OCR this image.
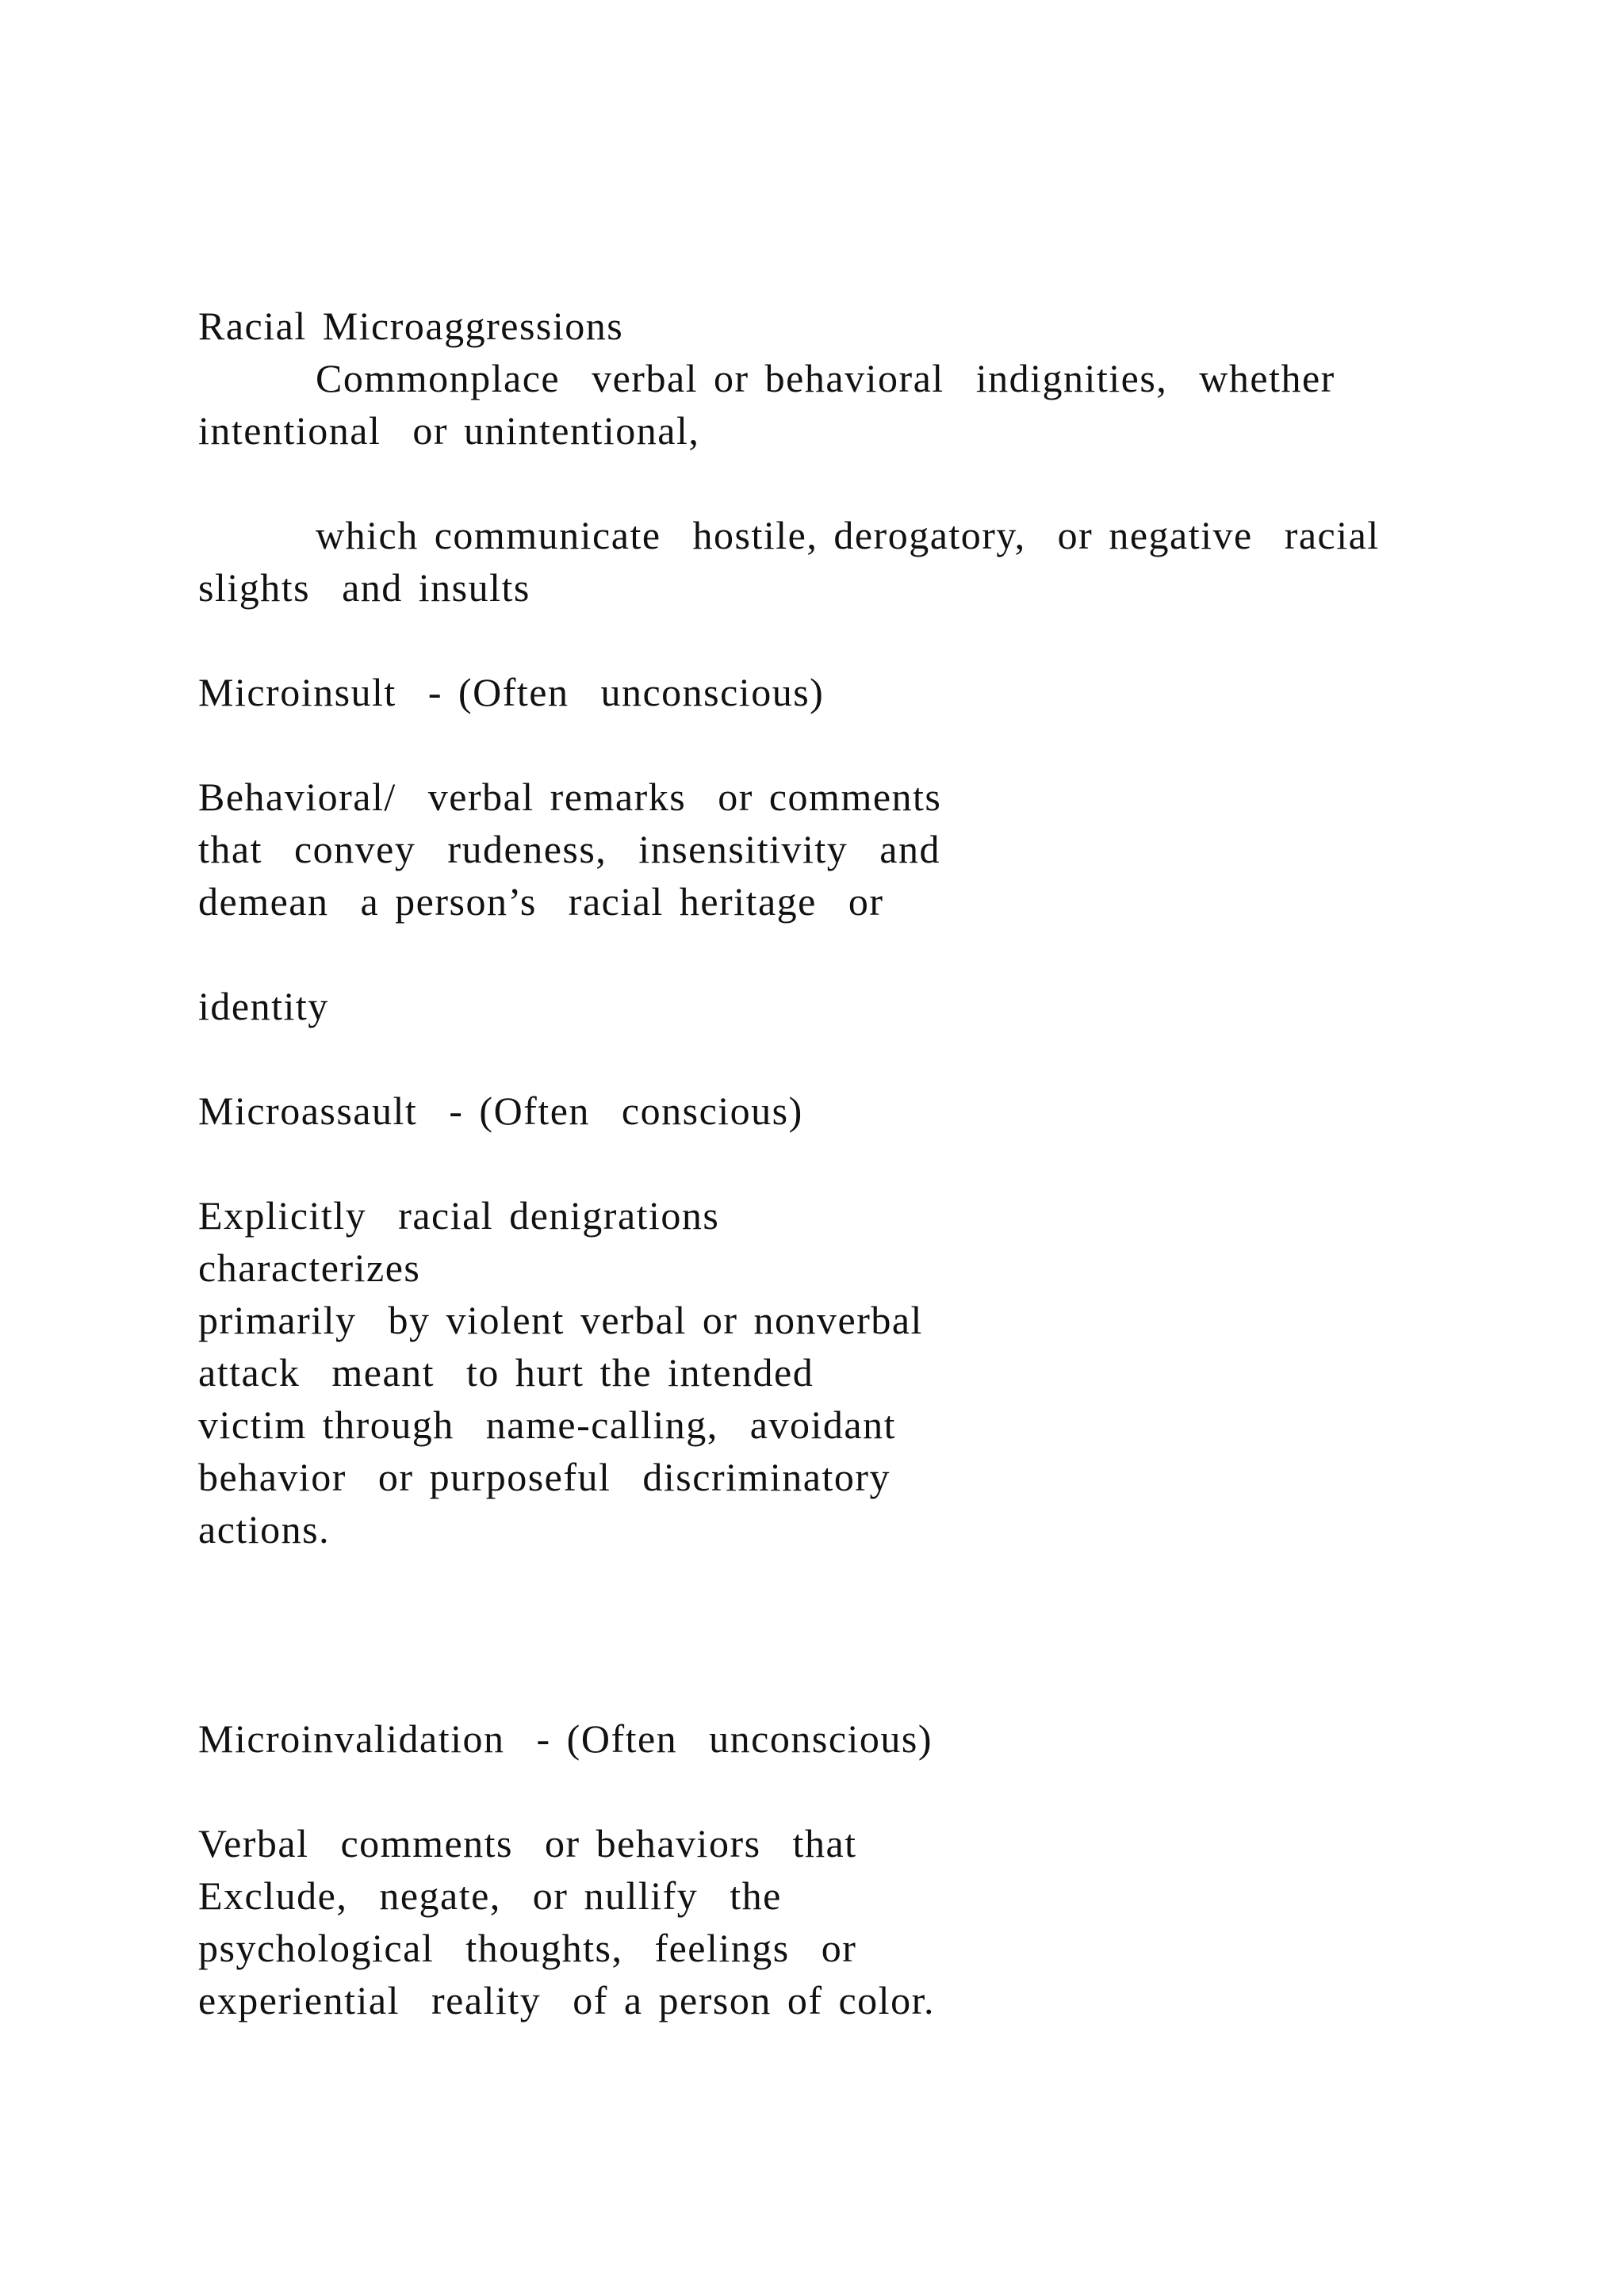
Racial Microaggressions
Commonplace  verbal or behavioral  indignities,  whether
intentional  or unintentional,
which communicate  hostile, derogatory,  or negative  racial
slights  and insults
Microinsult  - (Often  unconscious)
Behavioral/  verbal remarks  or comments
that  convey  rudeness,  insensitivity  and
demean  a person’s  racial heritage  or
identity
Microassault  - (Often  conscious)
Explicitly  racial denigrations
characterizes
primarily  by violent verbal or nonverbal
attack  meant  to hurt the intended
victim through  name-calling,  avoidant
behavior  or purposeful  discriminatory
actions.
Microinvalidation  - (Often  unconscious)
Verbal  comments  or behaviors  that
Exclude,  negate,  or nullify  the
psychological  thoughts,  feelings  or
experiential  reality  of a person of color.
